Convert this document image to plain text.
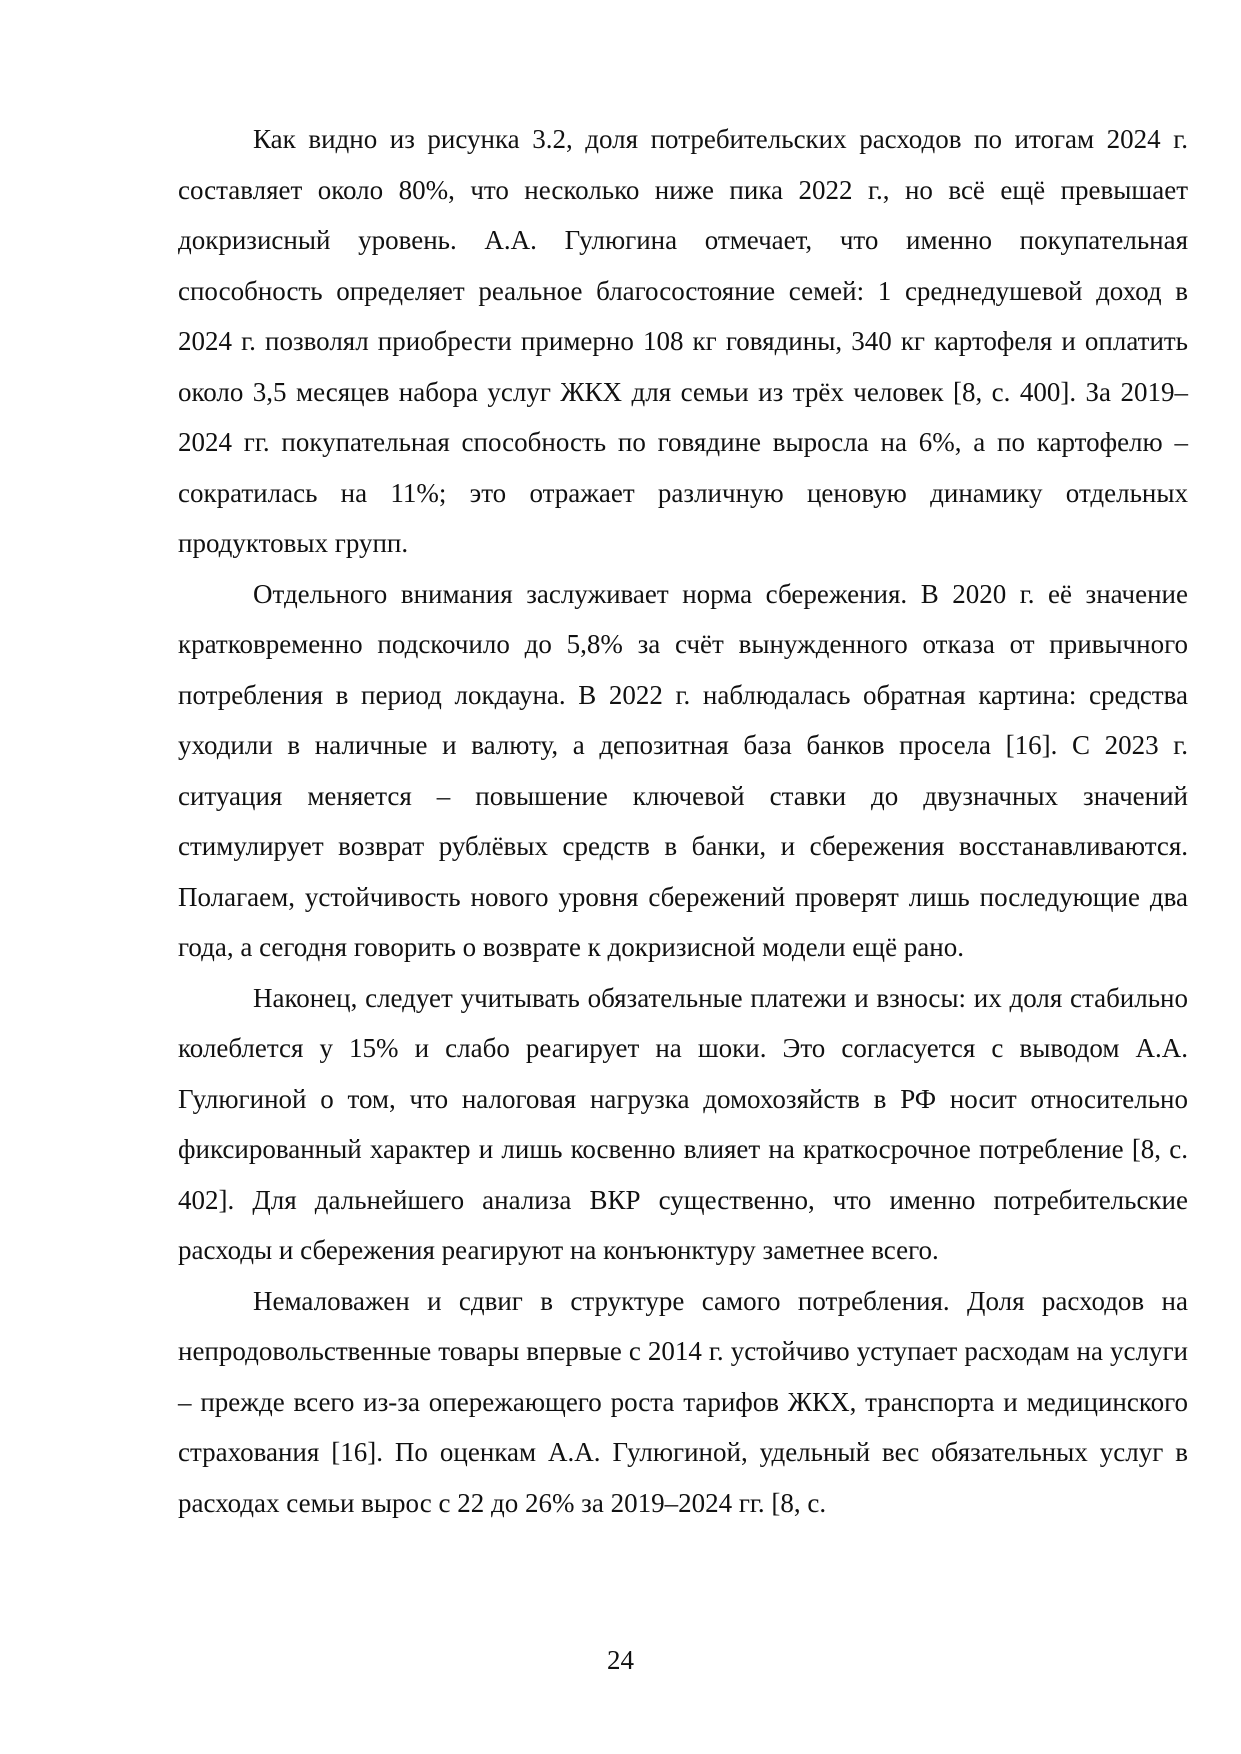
Как видно из рисунка 3.2, доля потребительских расходов по итогам 2024 г. составляет около 80%, что несколько ниже пика 2022 г., но всё ещё превышает докризисный уровень. А.А. Гулюгина отмечает, что именно покупательная способность определяет реальное благосостояние семей: 1 среднедушевой доход в 2024 г. позволял приобрести примерно 108 кг говядины, 340 кг картофеля и оплатить около 3,5 месяцев набора услуг ЖКХ для семьи из трёх человек [8, с. 400]. За 2019–2024 гг. покупательная способность по говядине выросла на 6%, а по картофелю – сократилась на 11%; это отражает различную ценовую динамику отдельных продуктовых групп.

Отдельного внимания заслуживает норма сбережения. В 2020 г. её значение кратковременно подскочило до 5,8% за счёт вынужденного отказа от привычного потребления в период локдауна. В 2022 г. наблюдалась обратная картина: средства уходили в наличные и валюту, а депозитная база банков просела [16]. С 2023 г. ситуация меняется – повышение ключевой ставки до двузначных значений стимулирует возврат рублёвых средств в банки, и сбережения восстанавливаются. Полагаем, устойчивость нового уровня сбережений проверят лишь последующие два года, а сегодня говорить о возврате к докризисной модели ещё рано.

Наконец, следует учитывать обязательные платежи и взносы: их доля стабильно колеблется у 15% и слабо реагирует на шоки. Это согласуется с выводом А.А. Гулюгиной о том, что налоговая нагрузка домохозяйств в РФ носит относительно фиксированный характер и лишь косвенно влияет на краткосрочное потребление [8, с. 402]. Для дальнейшего анализа ВКР существенно, что именно потребительские расходы и сбережения реагируют на конъюнктуру заметнее всего.

Немаловажен и сдвиг в структуре самого потребления. Доля расходов на непродовольственные товары впервые с 2014 г. устойчиво уступает расходам на услуги – прежде всего из-за опережающего роста тарифов ЖКХ, транспорта и медицинского страхования [16]. По оценкам А.А. Гулюгиной, удельный вес обязательных услуг в расходах семьи вырос с 22 до 26% за 2019–2024 гг. [8, с.

24
